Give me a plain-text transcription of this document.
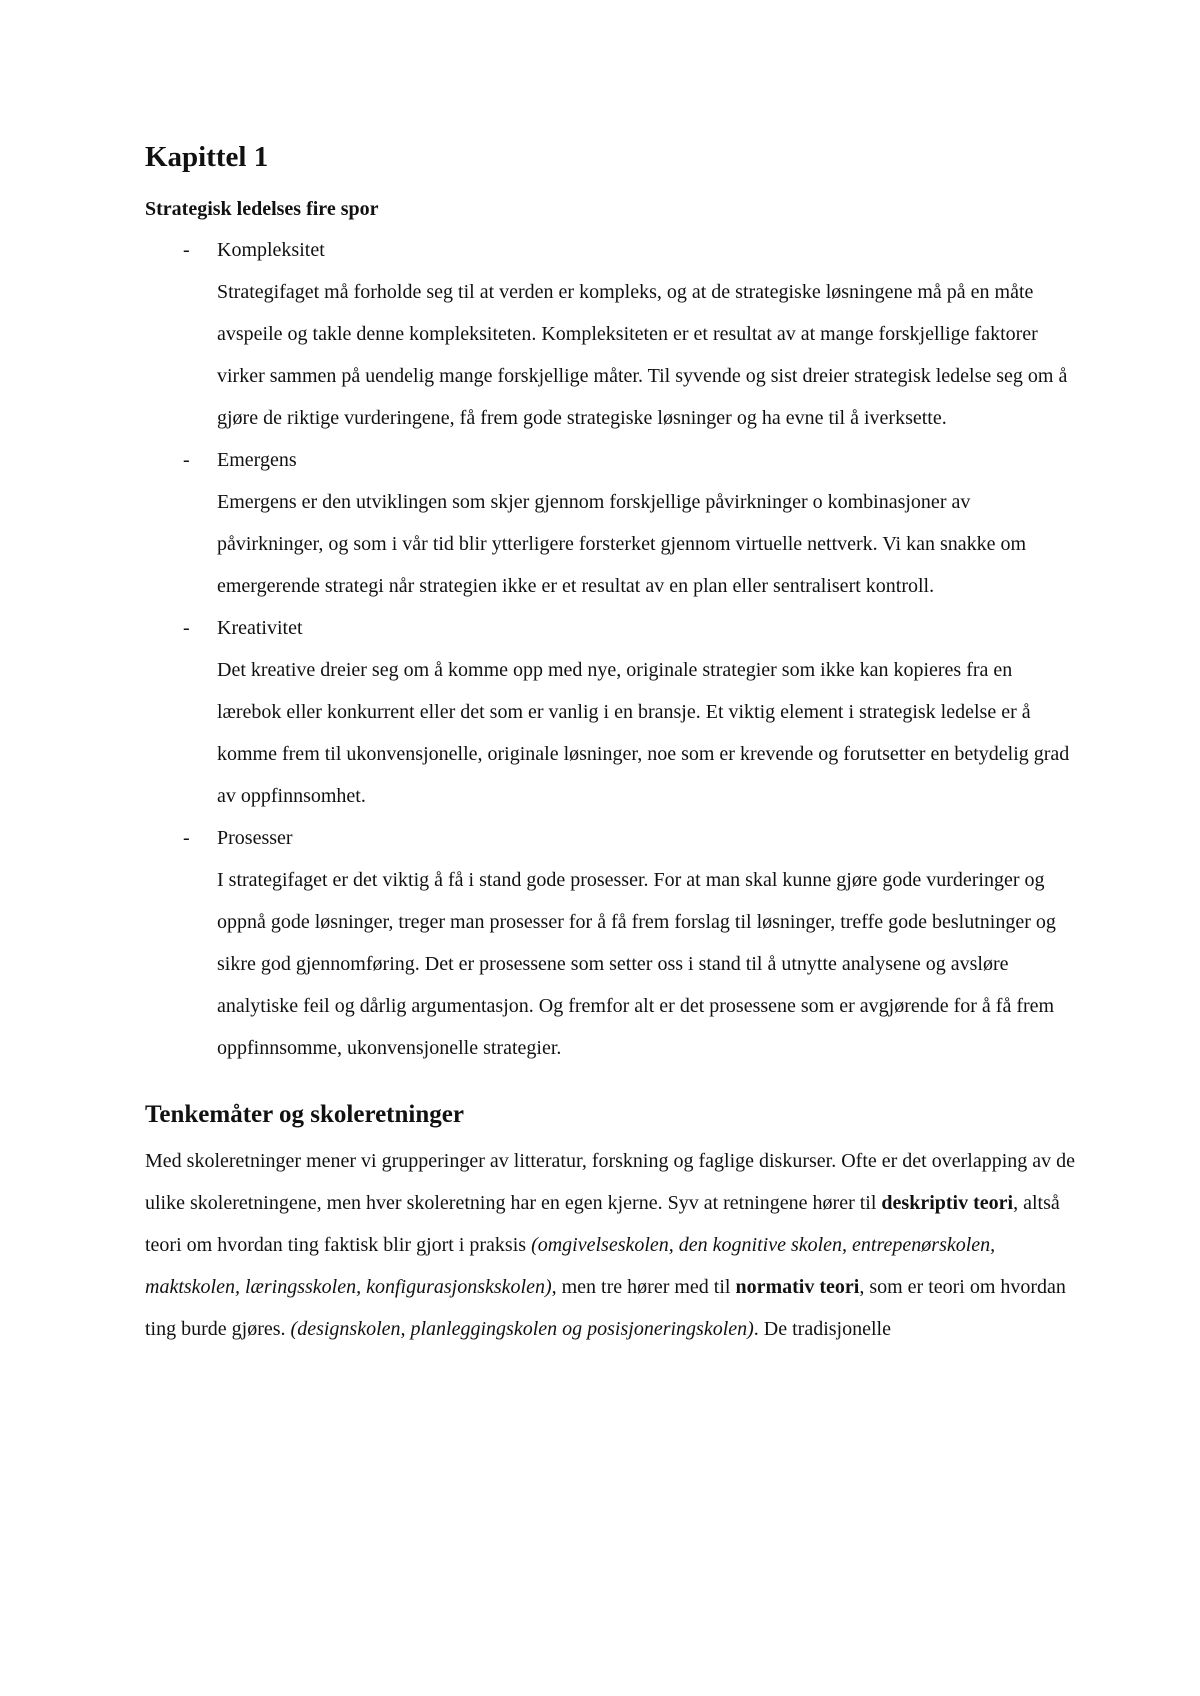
Kapittel 1
Strategisk ledelses fire spor
- Kompleksitet

Strategifaget må forholde seg til at verden er kompleks, og at de strategiske løsningene må på en måte avspeile og takle denne kompleksiteten. Kompleksiteten er et resultat av at mange forskjellige faktorer virker sammen på uendelig mange forskjellige måter. Til syvende og sist dreier strategisk ledelse seg om å gjøre de riktige vurderingene, få frem gode strategiske løsninger og ha evne til å iverksette.

- Emergens

Emergens er den utviklingen som skjer gjennom forskjellige påvirkninger o kombinasjoner av påvirkninger, og som i vår tid blir ytterligere forsterket gjennom virtuelle nettverk. Vi kan snakke om emergerende strategi når strategien ikke er et resultat av en plan eller sentralisert kontroll.

- Kreativitet

Det kreative dreier seg om å komme opp med nye, originale strategier som ikke kan kopieres fra en lærebok eller konkurrent eller det som er vanlig i en bransje. Et viktig element i strategisk ledelse er å komme frem til ukonvensjonelle, originale løsninger, noe som er krevende og forutsetter en betydelig grad av oppfinnsomhet.

- Prosesser

I strategifaget er det viktig å få i stand gode prosesser. For at man skal kunne gjøre gode vurderinger og oppnå gode løsninger, treger man prosesser for å få frem forslag til løsninger, treffe gode beslutninger og sikre god gjennomføring. Det er prosessene som setter oss i stand til å utnytte analysene og avsløre analytiske feil og dårlig argumentasjon. Og fremfor alt er det prosessene som er avgjørende for å få frem oppfinnsomme, ukonvensjonelle strategier.

Tenkemåter og skoleretninger

Med skoleretninger mener vi grupperinger av litteratur, forskning og faglige diskurser. Ofte er det overlapping av de ulike skoleretningene, men hver skoleretning har en egen kjerne. Syv at retningene hører til deskriptiv teori, altså teori om hvordan ting faktisk blir gjort i praksis (omgivelseskolen, den kognitive skolen, entrepenørskolen, maktskolen, læringsskolen, konfigurasjonskskolen), men tre hører med til normativ teori, som er teori om hvordan ting burde gjøres. (designskolen, planleggingskolen og posisjoneringskolen). De tradisjonelle
